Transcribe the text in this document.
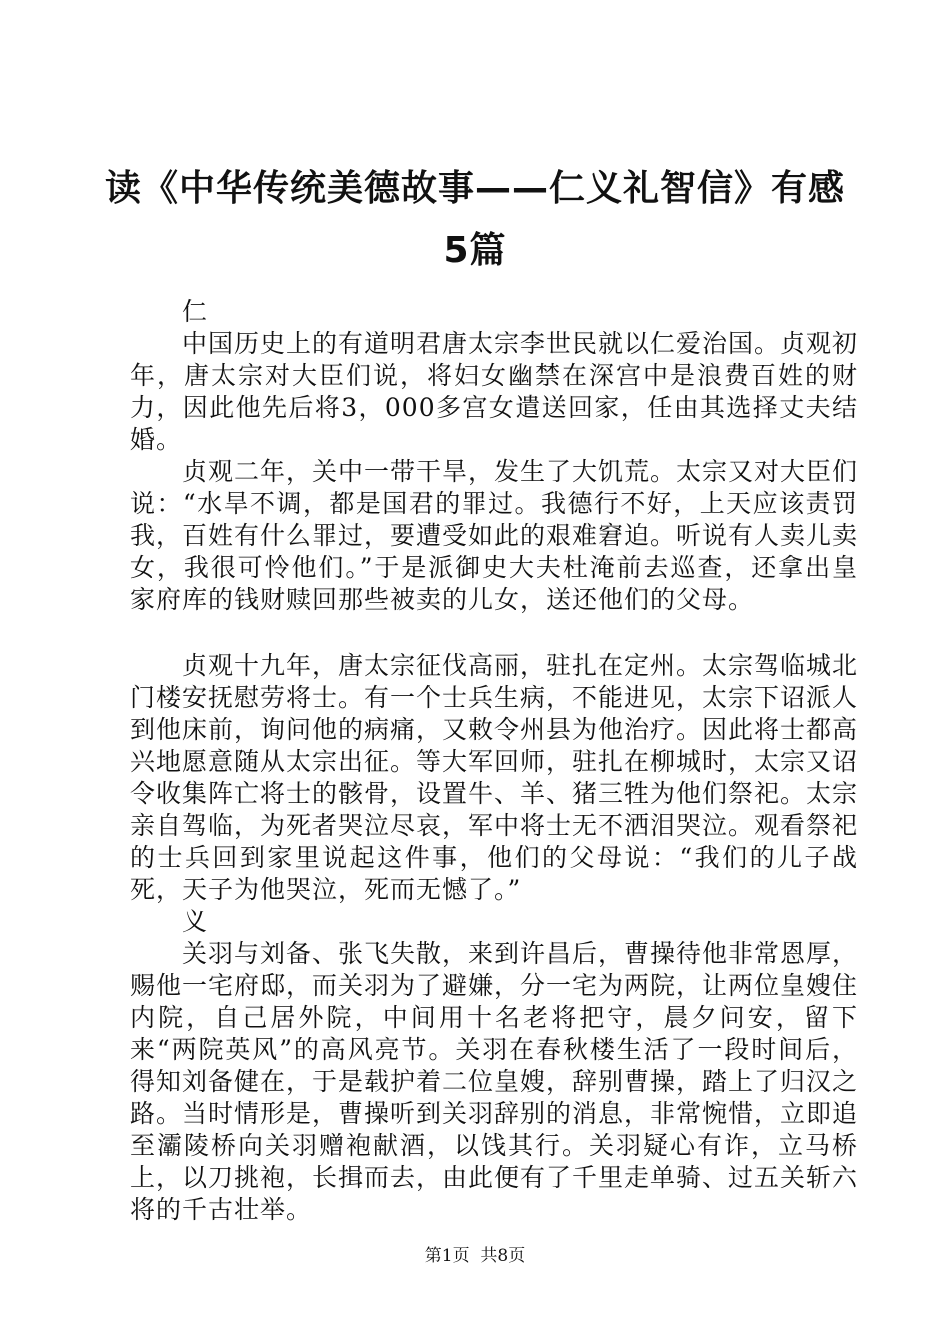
读《中华传统美德故事——仁义礼智信》有感
5篇

仁

中国历史上的有道明君唐太宗李世民就以仁爱治国。贞观初年，唐太宗对大臣们说，将妇女幽禁在深宫中是浪费百姓的财力，因此他先后将3，000多宫女遣送回家，任由其选择丈夫结婚。

贞观二年，关中一带干旱，发生了大饥荒。太宗又对大臣们说：“水旱不调，都是国君的罪过。我德行不好，上天应该责罚我，百姓有什么罪过，要遭受如此的艰难窘迫。听说有人卖儿卖女，我很可怜他们。”于是派御史大夫杜淹前去巡查，还拿出皇家府库的钱财赎回那些被卖的儿女，送还他们的父母。

贞观十九年，唐太宗征伐高丽，驻扎在定州。太宗驾临城北门楼安抚慰劳将士。有一个士兵生病，不能进见，太宗下诏派人到他床前，询问他的病痛，又敕令州县为他治疗。因此将士都高兴地愿意随从太宗出征。等大军回师，驻扎在柳城时，太宗又诏令收集阵亡将士的骸骨，设置牛、羊、猪三牲为他们祭祀。太宗亲自驾临，为死者哭泣尽哀，军中将士无不洒泪哭泣。观看祭祀的士兵回到家里说起这件事，他们的父母说：“我们的儿子战死，天子为他哭泣，死而无憾了。”

义

关羽与刘备、张飞失散，来到许昌后，曹操待他非常恩厚，赐他一宅府邸，而关羽为了避嫌，分一宅为两院，让两位皇嫂住内院，自己居外院，中间用十名老将把守，晨夕问安，留下来“两院英风”的高风亮节。关羽在春秋楼生活了一段时间后，得知刘备健在，于是载护着二位皇嫂，辞别曹操，踏上了归汉之路。当时情形是，曹操听到关羽辞别的消息，非常惋惜，立即追至灞陵桥向关羽赠袍献酒，以饯其行。关羽疑心有诈，立马桥上，以刀挑袍，长揖而去，由此便有了千里走单骑、过五关斩六将的千古壮举。

第1页  共8页
